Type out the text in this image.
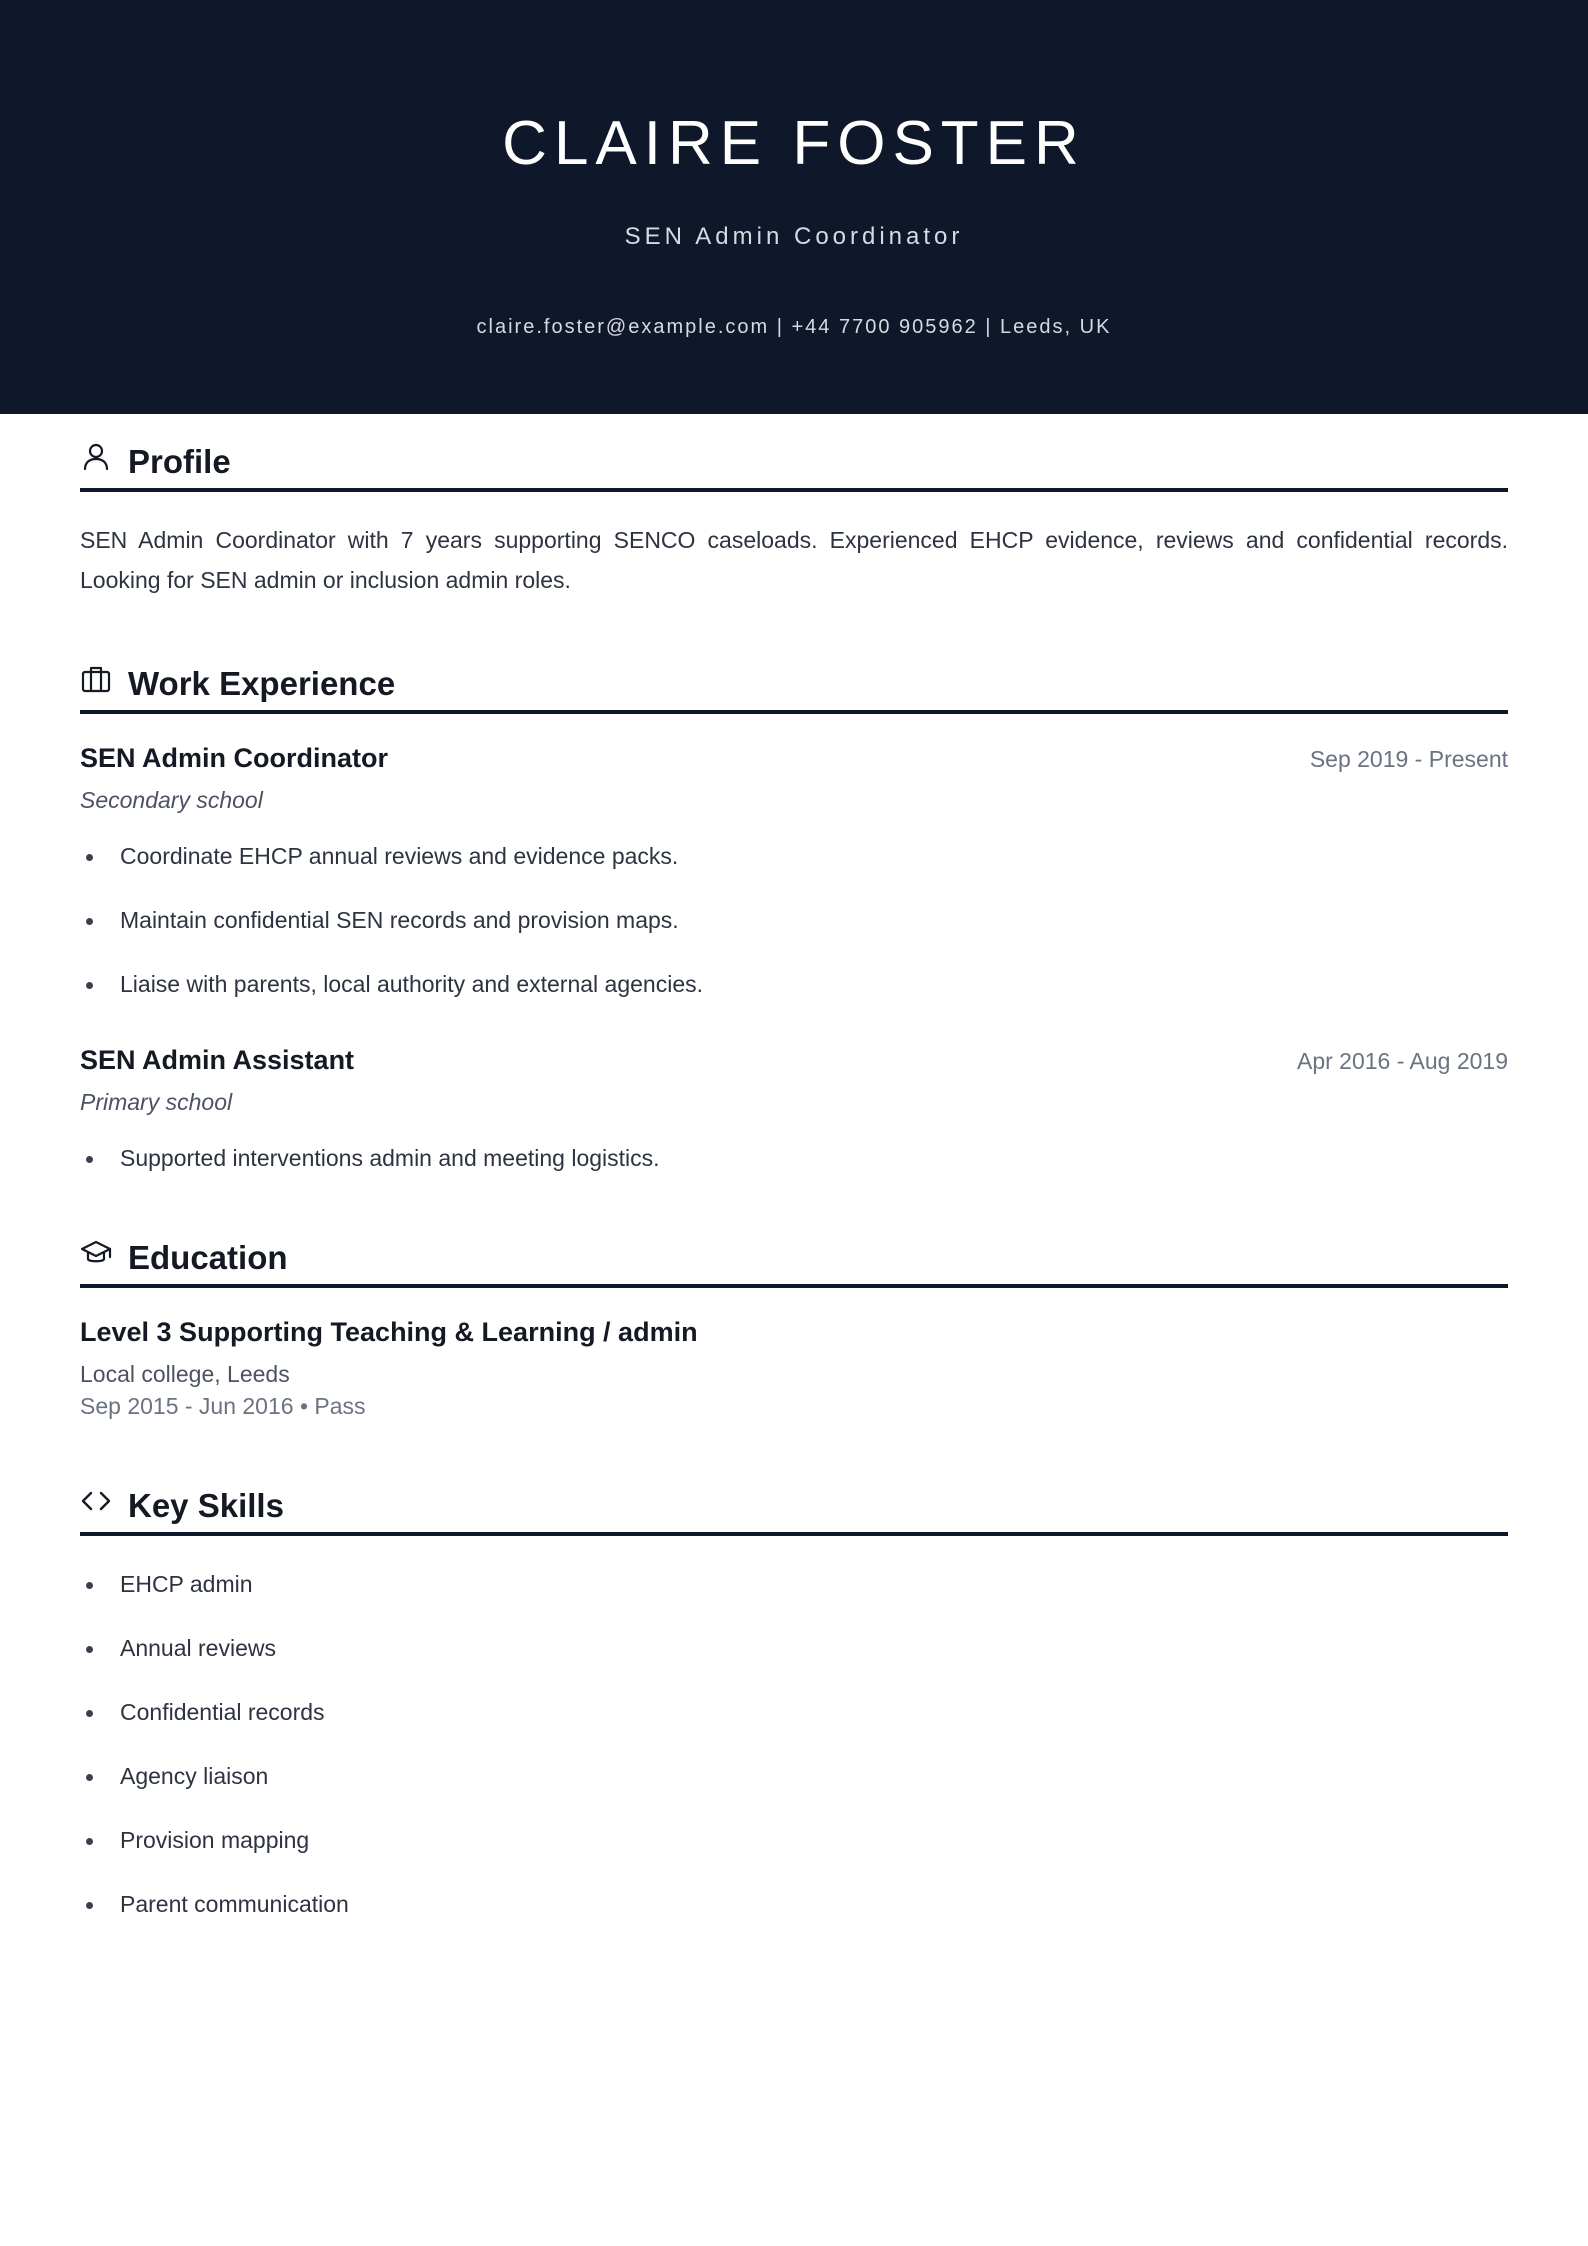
CLAIRE FOSTER
SEN Admin Coordinator
claire.foster@example.com | +44 7700 905962 | Leeds, UK
Profile

SEN Admin Coordinator with 7 years supporting SENCO caseloads. Experienced EHCP evidence, reviews and confidential records. Looking for SEN admin or inclusion admin roles.

Work Experience
SEN Admin Coordinator	Sep 2019 - Present
Secondary school
Coordinate EHCP annual reviews and evidence packs.
Maintain confidential SEN records and provision maps.
Liaise with parents, local authority and external agencies.
SEN Admin Assistant	Apr 2016 - Aug 2019
Primary school
Supported interventions admin and meeting logistics.
Education
Level 3 Supporting Teaching & Learning / admin
Local college, Leeds
Sep 2015 - Jun 2016 • Pass
Key Skills
EHCP admin
Annual reviews
Confidential records
Agency liaison
Provision mapping
Parent communication
